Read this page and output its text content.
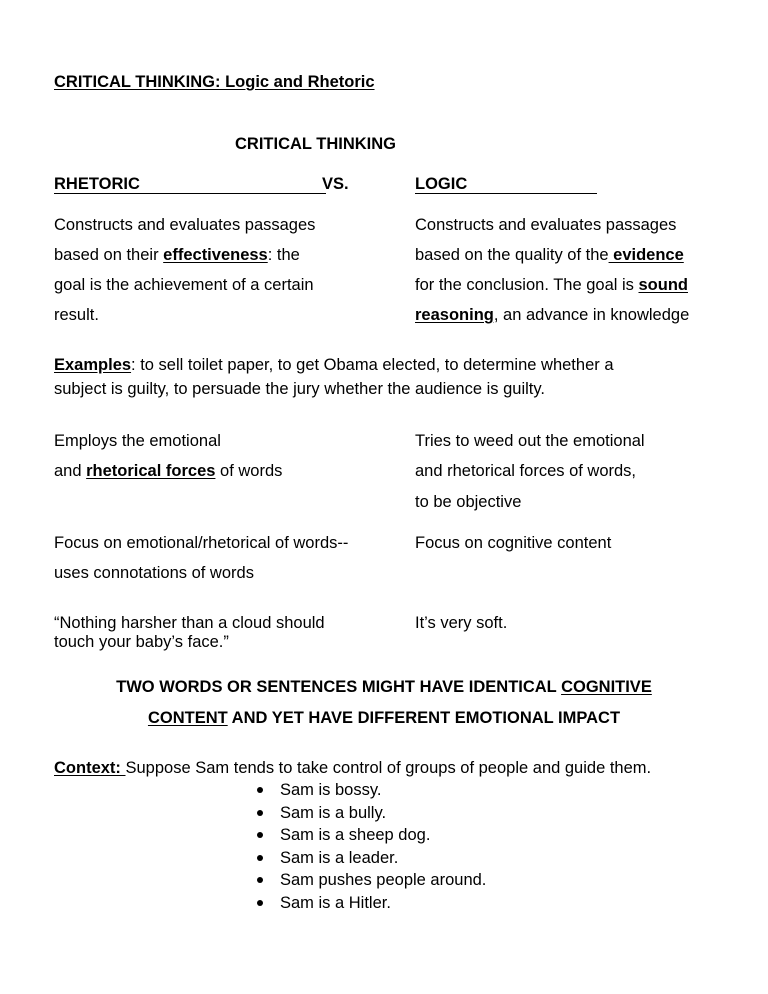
CRITICAL THINKING: Logic and Rhetoric
CRITICAL THINKING
RHETORIC	VS.	LOGIC
Constructs and evaluates passages
based on their effectiveness: the
goal is the achievement of a certain
result.
Constructs and evaluates passages
based on the quality of the evidence
for the conclusion. The goal is sound
reasoning, an advance in knowledge
Examples: to sell toilet paper, to get Obama elected, to determine whether a
subject is guilty, to persuade the jury whether the audience is guilty.
Employs the emotional
and rhetorical forces of words
Tries to weed out the emotional
and rhetorical forces of words,
to be objective
Focus on emotional/rhetorical of words--
uses connotations of words
Focus on cognitive content
“Nothing harsher than a cloud should
touch your baby’s face.”
It’s very soft.
TWO WORDS OR SENTENCES MIGHT HAVE IDENTICAL COGNITIVE
CONTENT AND YET HAVE DIFFERENT EMOTIONAL IMPACT
Context: Suppose Sam tends to take control of groups of people and guide them.
Sam is bossy.
Sam is a bully.
Sam is a sheep dog.
Sam is a leader.
Sam pushes people around.
Sam is a Hitler.
